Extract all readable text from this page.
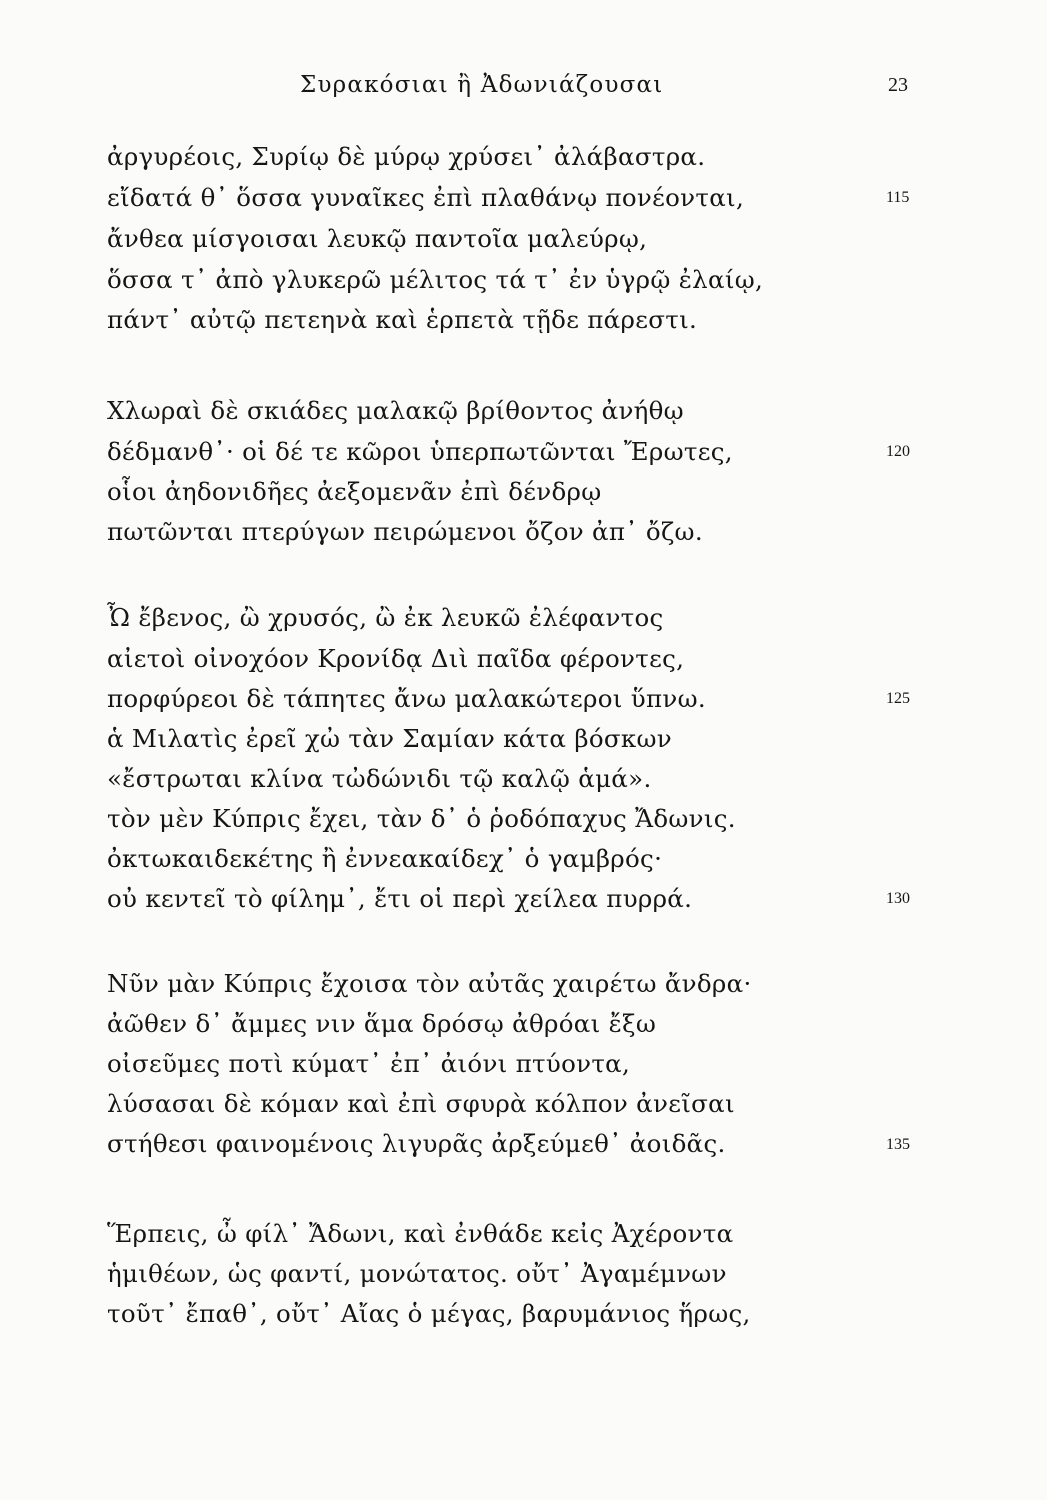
Συρακόσιαι ἢ Ἀδωνιάζουσαι	23
ἀργυρέοις, Συρίῳ δὲ μύρῳ χρύσει᾽ ἀλάβαστρα.
εἴδατά θ᾽ ὅσσα γυναῖκες ἐπὶ πλαθάνῳ πονέονται,	115
ἄνθεα μίσγοισαι λευκῷ παντοῖα μαλεύρῳ,
ὅσσα τ᾽ ἀπὸ γλυκερῶ μέλιτος τά τ᾽ ἐν ὑγρῷ ἐλαίῳ,
πάντ᾽ αὐτῷ πετεηνὰ καὶ ἑρπετὰ τῇδε πάρεστι.
Χλωραὶ δὲ σκιάδες μαλακῷ βρίθοντος ἀνήθῳ
δέδμανθ᾽· οἱ δέ τε κῶροι ὑπερπωτῶνται Ἔρωτες,	120
οἷοι ἀηδονιδῆες ἀεξομενᾶν ἐπὶ δένδρῳ
πωτῶνται πτερύγων πειρώμενοι ὄζον ἀπ᾽ ὄζω.
Ὦ ἔβενος, ὢ χρυσός, ὢ ἐκ λευκῶ ἐλέφαντος
αἰετοὶ οἰνοχόον Κρονίδᾳ Διὶ παῖδα φέροντες,
πορφύρεοι δὲ τάπητες ἄνω μαλακώτεροι ὕπνω.	125
ἁ Μιλατὶς ἐρεῖ χὠ τὰν Σαμίαν κάτα βόσκων
«ἔστρωται κλίνα τὠδώνιδι τῷ καλῷ ἁμά».
τὸν μὲν Κύπρις ἔχει, τὰν δ᾽ ὁ ῥοδόπαχυς Ἄδωνις.
ὀκτωκαιδεκέτης ἢ ἐννεακαίδεχ᾽ ὁ γαμβρός·
οὐ κεντεῖ τὸ φίλημ᾽, ἔτι οἱ περὶ χείλεα πυρρά.	130
Νῦν μὰν Κύπρις ἔχοισα τὸν αὐτᾶς χαιρέτω ἄνδρα·
ἀῶθεν δ᾽ ἄμμες νιν ἅμα δρόσῳ ἀθρόαι ἔξω
οἰσεῦμες ποτὶ κύματ᾽ ἐπ᾽ ἀιόνι πτύοντα,
λύσασαι δὲ κόμαν καὶ ἐπὶ σφυρὰ κόλπον ἀνεῖσαι
στήθεσι φαινομένοις λιγυρᾶς ἀρξεύμεθ᾽ ἀοιδᾶς.	135
Ἕρπεις, ὦ φίλ᾽ Ἄδωνι, καὶ ἐνθάδε κεἰς Ἀχέροντα
ἡμιθέων, ὡς φαντί, μονώτατος. οὔτ᾽ Ἀγαμέμνων
τοῦτ᾽ ἔπαθ᾽, οὔτ᾽ Αἴας ὁ μέγας, βαρυμάνιος ἥρως,
